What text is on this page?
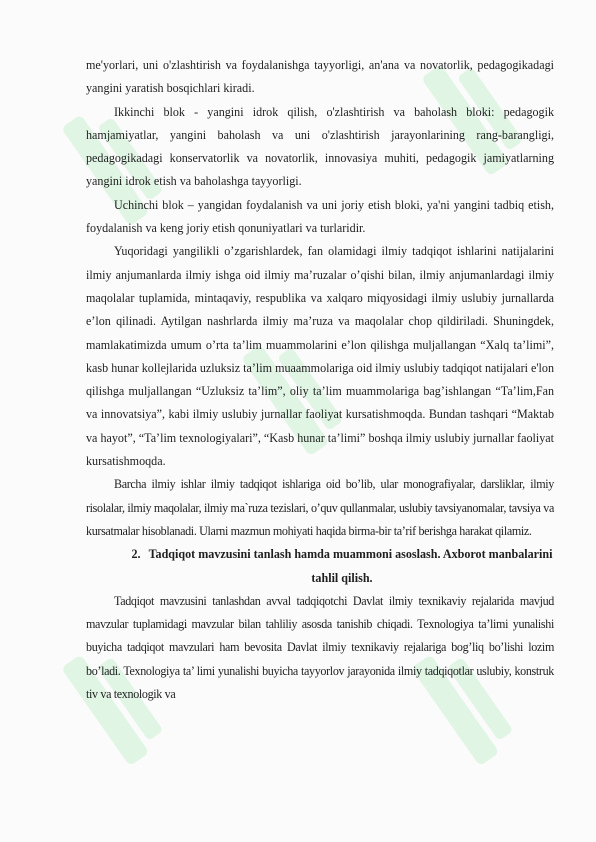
me'yorlari, uni o'zlashtirish va foydalanishga tayyorligi, an'ana va novatorlik, pedagogikadagi yangini yaratish bosqichlari kiradi.

Ikkinchi blok - yangini idrok qilish, o'zlashtirish va baholash bloki: pedagogik hamjamiyatlar, yangini baholash va uni o'zlashtirish jarayonlarining rang-barangligi, pedagogikadagi konservatorlik va novatorlik, innovasiya muhiti, pedagogik jamiyatlarning yangini idrok etish va baholashga tayyorligi.

Uchinchi blok – yangidan foydalanish va uni joriy etish bloki, ya'ni yangini tadbiq etish, foydalanish va keng joriy etish qonuniyatlari va turlaridir.

Yuqoridagi yangilikli o’zgarishlardek, fan olamidagi ilmiy tadqiqot ishlarini natijalarini ilmiy anjumanlarda ilmiy ishga oid ilmiy ma’ruzalar o’qishi bilan, ilmiy anjumanlardagi ilmiy maqolalar tuplamida, mintaqaviy, respublika va xalqaro miqyosidagi ilmiy uslubiy jurnallarda e’lon qilinadi. Aytilgan nashrlarda ilmiy ma’ruza va maqolalar chop qildiriladi. Shuningdek, mamlakatimizda umum o’rta ta’lim muammolarini e’lon qilishga muljallangan “Xalq ta’limi”, kasb hunar kollejlarida uzluksiz ta’lim muaammolariga oid ilmiy uslubiy tadqiqot natijalari e'lon qilishga muljallangan “Uzluksiz ta’lim”, oliy ta’lim muammolariga bag’ishlangan “Ta’lim,Fan va innovatsiya”, kabi ilmiy uslubiy jurnallar faoliyat kursatishmoqda. Bundan tashqari “Maktab va hayot”, “Ta’lim texnologiyalari”, “Kasb hunar ta’limi” boshqa ilmiy uslubiy jurnallar faoliyat kursatishmoqda.

Barcha ilmiy ishlar ilmiy tadqiqot ishlariga oid bo’lib, ular monografiyalar, darsliklar, ilmiy risolalar, ilmiy maqolalar, ilmiy ma`ruza tezislari, o’quv qullanmalar, uslubiy tavsiyanomalar, tavsiya va kursatmalar hisoblanadi. Ularni mazmun mohiyati haqida birma-bir ta’rif berishga harakat qilamiz.

2. Tadqiqot mavzusini tanlash hamda muammoni asoslash. Axborot manbalarini tahlil qilish.

Tadqiqot mavzusini tanlashdan avval tadqiqotchi Davlat ilmiy texnikaviy rejalarida mavjud mavzular tuplamidagi mavzular bilan tahliliy asosda tanishib chiqadi. Texnologiya ta’limi yunalishi buyicha tadqiqot mavzulari ham bevosita Davlat ilmiy texnikaviy rejalariga bog’liq bo’lishi lozim bo’ladi. Texnologiya ta’ limi yunalishi buyicha tayyorlov jarayonida ilmiy tadqiqotlar uslubiy, konstruk tiv va texnologik va
